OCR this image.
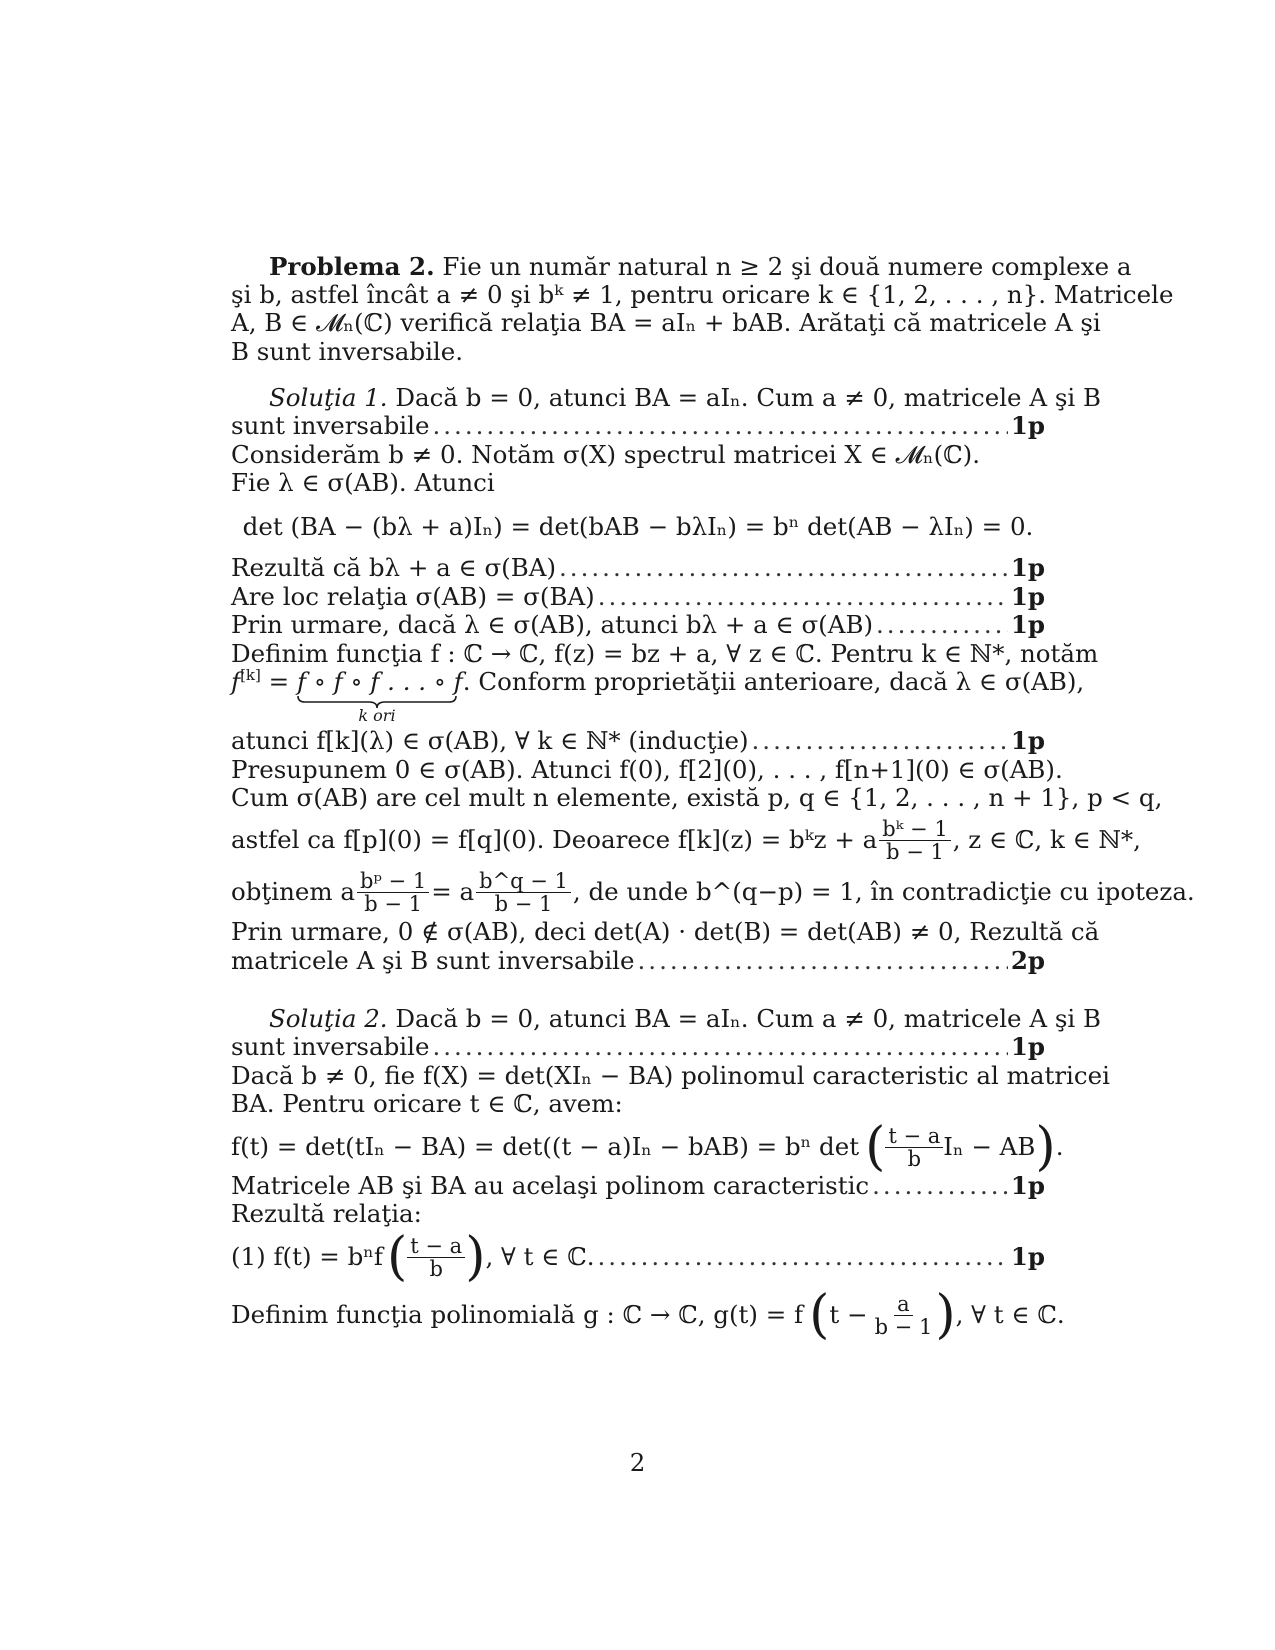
Problema 2. Fie un număr natural n ≥ 2 şi două numere complexe a
şi b, astfel încât a ≠ 0 şi bᵏ ≠ 1, pentru oricare k ∈ {1, 2, . . . , n}. Matricele
A, B ∈ 𝓜ₙ(ℂ) verifică relaţia BA = aIₙ + bAB. Arătaţi că matricele A şi
B sunt inversabile.
Soluţia 1. Dacă b = 0, atunci BA = aIₙ. Cum a ≠ 0, matricele A şi B
sunt inversabile .....	1p
Considerăm b ≠ 0. Notăm σ(X) spectrul matricei X ∈ 𝓜ₙ(ℂ).
Fie λ ∈ σ(AB). Atunci
det (BA − (bλ + a)Iₙ) = det(bAB − bλIₙ) = bⁿ det(AB − λIₙ) = 0.
Rezultă că bλ + a ∈ σ(BA) .....	1p
Are loc relaţia σ(AB) = σ(BA) .....	1p
Prin urmare, dacă λ ∈ σ(AB), atunci bλ + a ∈ σ(AB) .....	1p
Definim funcţia f : ℂ → ℂ, f(z) = bz + a, ∀ z ∈ ℂ. Pentru k ∈ ℕ*, notăm
f[k] = f ∘ f ∘ f . . . ∘ f
k ori
. Conform proprietăţii anterioare, dacă λ ∈ σ(AB),
atunci f[k](λ) ∈ σ(AB), ∀ k ∈ ℕ* (inducţie) .....	1p
Presupunem 0 ∈ σ(AB). Atunci f(0), f[2](0), . . . , f[n+1](0) ∈ σ(AB).
Cum σ(AB) are cel mult n elemente, există p, q ∈ {1, 2, . . . , n + 1}, p < q,
astfel ca f[p](0) = f[q](0). Deoarece f[k](z) = bᵏz + a $\frac{\text{bᵏ − 1}}{b - 1}$ , z ∈ ℂ, k ∈ ℕ*,
obţinem a $\frac{\text{bᵖ − 1}}{b - 1} = a \frac{b\^{}q - 1}{b - 1}$ , de unde b^(q−p) = 1, în contradicţie cu ipoteza.
Prin urmare, 0 ∉ σ(AB), deci det(A) · det(B) = det(AB) ≠ 0, Rezultă că
matricele A şi B sunt inversabile .....	2p
Soluţia 2. Dacă b = 0, atunci BA = aIₙ. Cum a ≠ 0, matricele A şi B
sunt inversabile .....	1p
Dacă b ≠ 0, fie f(X) = det(XIₙ − BA) polinomul caracteristic al matricei
BA. Pentru oricare t ∈ ℂ, avem:
f(t) = det(tIₙ − BA) = det((t − a)Iₙ − bAB) = bⁿ det ( $\frac{t - a}{b}$ Iₙ − AB ) .
Matricele AB şi BA au acelaşi polinom caracteristic .....	1p
Rezultă relaţia:
(1) f(t) = bⁿf ( $\frac{t - a}{b}$ ) , ∀ t ∈ ℂ. .....	1p
Definim funcţia polinomială g : ℂ → ℂ, g(t) = f ( $t - \frac{a}{b - 1}$ ) , ∀ t ∈ ℂ.
2
